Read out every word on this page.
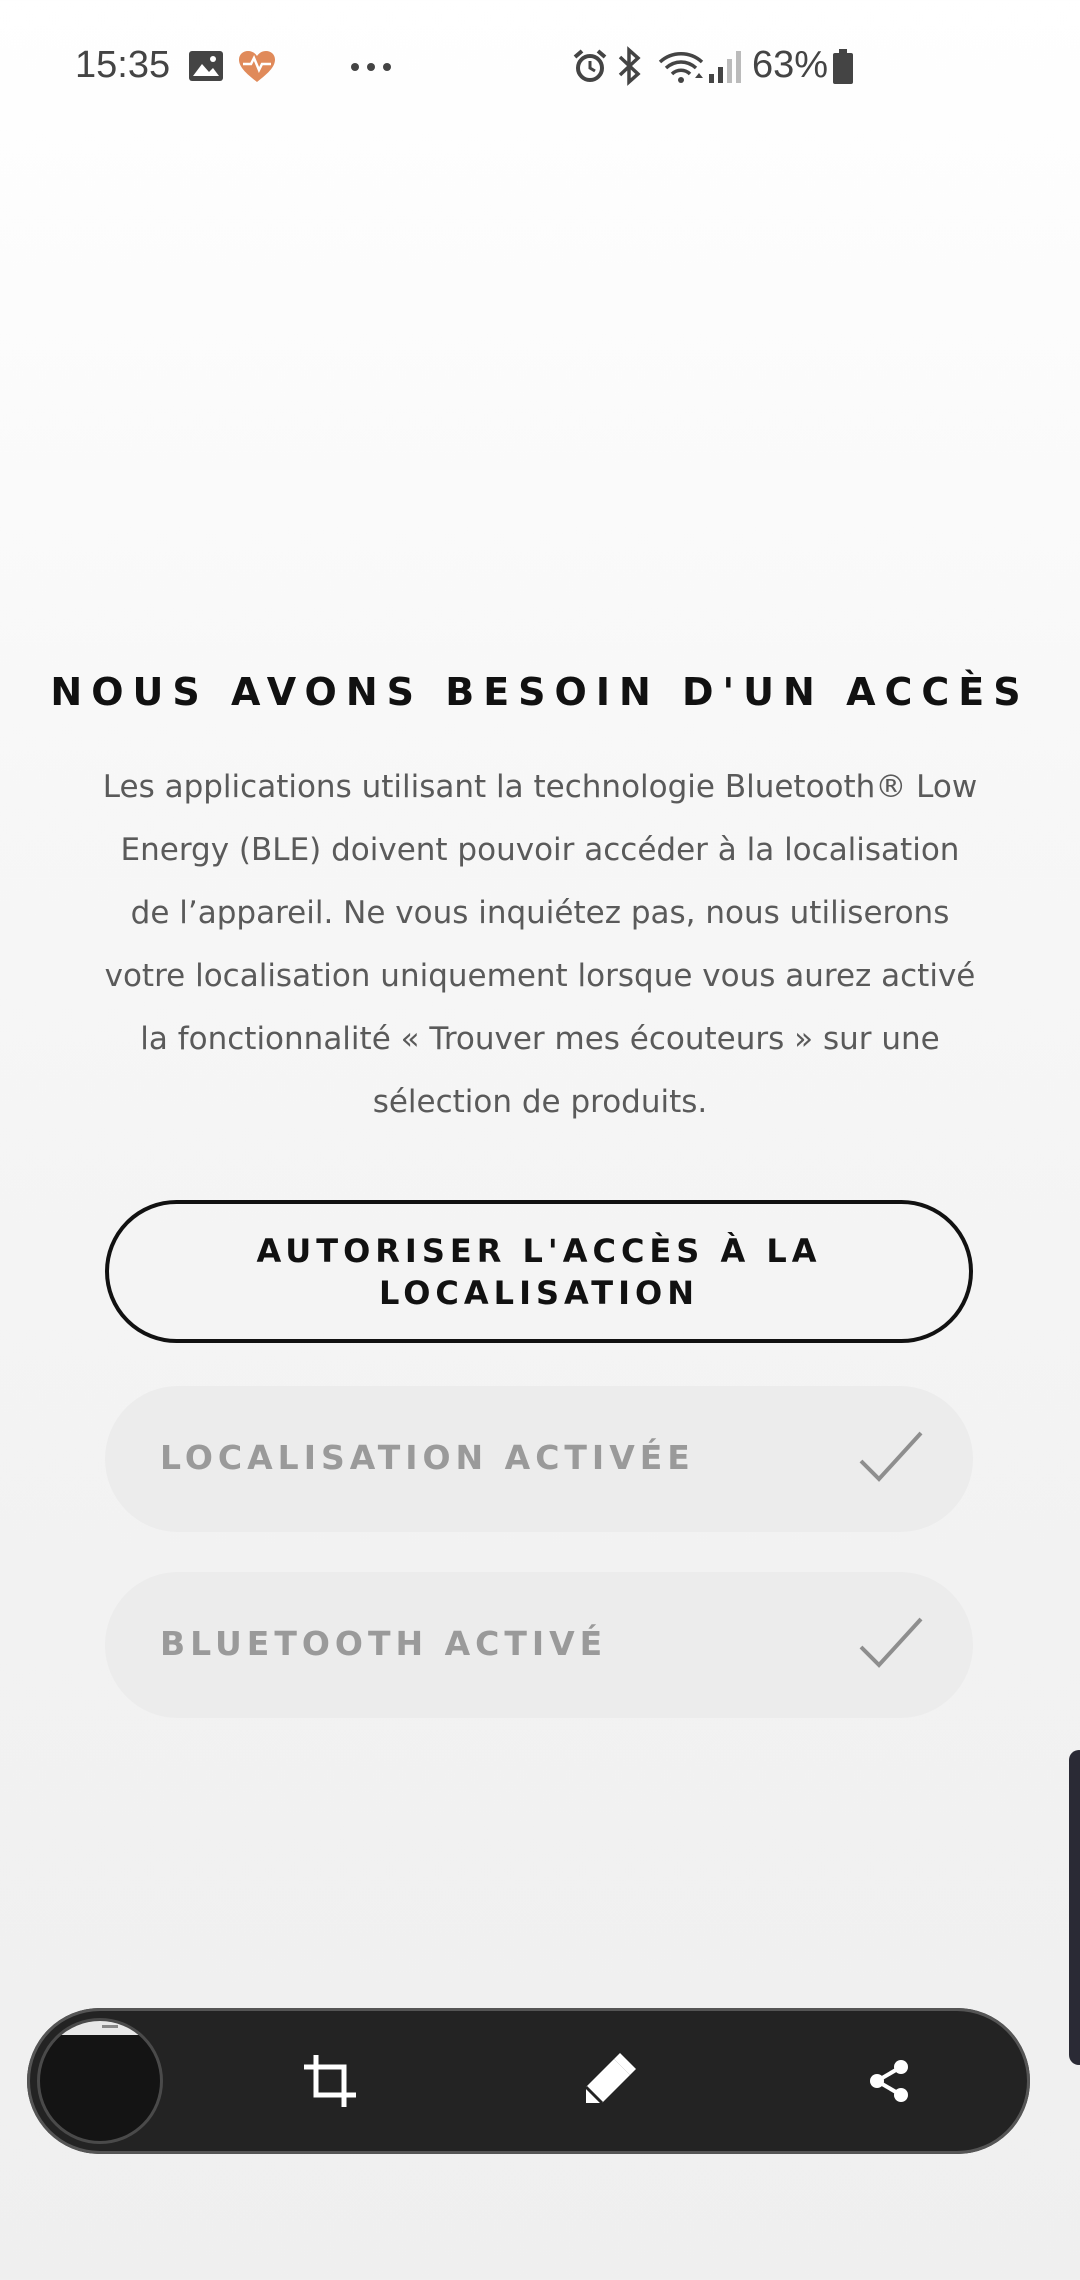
15:35	63%
NOUS AVONS BESOIN D'UN ACCÈS
Les applications utilisant la technologie Bluetooth® Low Energy (BLE) doivent pouvoir accéder à la localisation de l’appareil. Ne vous inquiétez pas, nous utiliserons votre localisation uniquement lorsque vous aurez activé la fonctionnalité « Trouver mes écouteurs » sur une sélection de produits.
AUTORISER L'ACCÈS À LA LOCALISATION
LOCALISATION ACTIVÉE
BLUETOOTH ACTIVÉ
